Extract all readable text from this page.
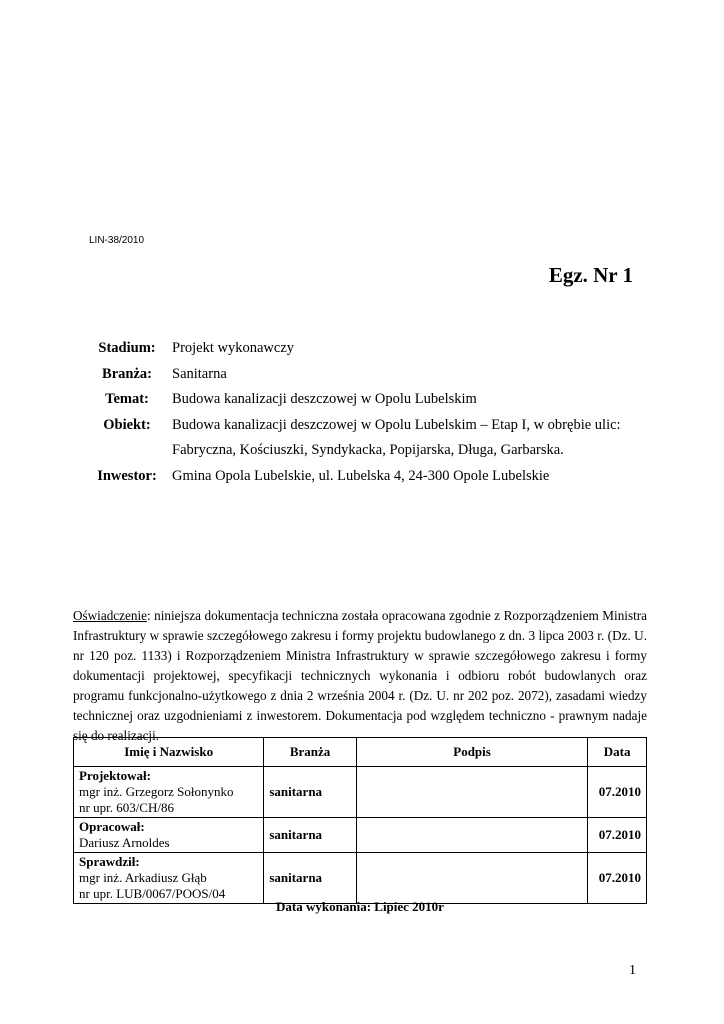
LIN-38/2010
Egz. Nr 1
Stadium:	Projekt wykonawczy
Branża:	Sanitarna
Temat:	Budowa kanalizacji deszczowej w Opolu Lubelskim
Obiekt:	Budowa kanalizacji deszczowej w Opolu Lubelskim – Etap I, w obrębie ulic:
Fabryczna, Kościuszki, Syndykacka, Popijarska, Długa, Garbarska.
Inwestor:	Gmina Opola Lubelskie, ul. Lubelska 4, 24-300 Opole Lubelskie
Oświadczenie: niniejsza dokumentacja techniczna została opracowana zgodnie z Rozporządzeniem Ministra Infrastruktury w sprawie szczegółowego zakresu i formy projektu budowlanego z dn. 3 lipca 2003 r. (Dz. U. nr 120 poz. 1133) i Rozporządzeniem Ministra Infrastruktury w sprawie szczegółowego zakresu i formy dokumentacji projektowej, specyfikacji technicznych wykonania i odbioru robót budowlanych oraz programu funkcjonalno-użytkowego z dnia 2 września 2004 r. (Dz. U. nr 202 poz. 2072), zasadami wiedzy technicznej oraz uzgodnieniami z inwestorem. Dokumentacja pod względem techniczno - prawnym nadaje się do realizacji.
Imię i Nazwisko	Branża	Podpis	Data

Projektował:
mgr inż. Grzegorz Sołonynko
nr upr. 603/CH/86	sanitarna		07.2010

Opracował:
Dariusz Arnoldes	sanitarna		07.2010

Sprawdził:
mgr inż. Arkadiusz Głąb
nr upr. LUB/0067/POOS/04	sanitarna		07.2010
Data wykonania: Lipiec 2010r
1
